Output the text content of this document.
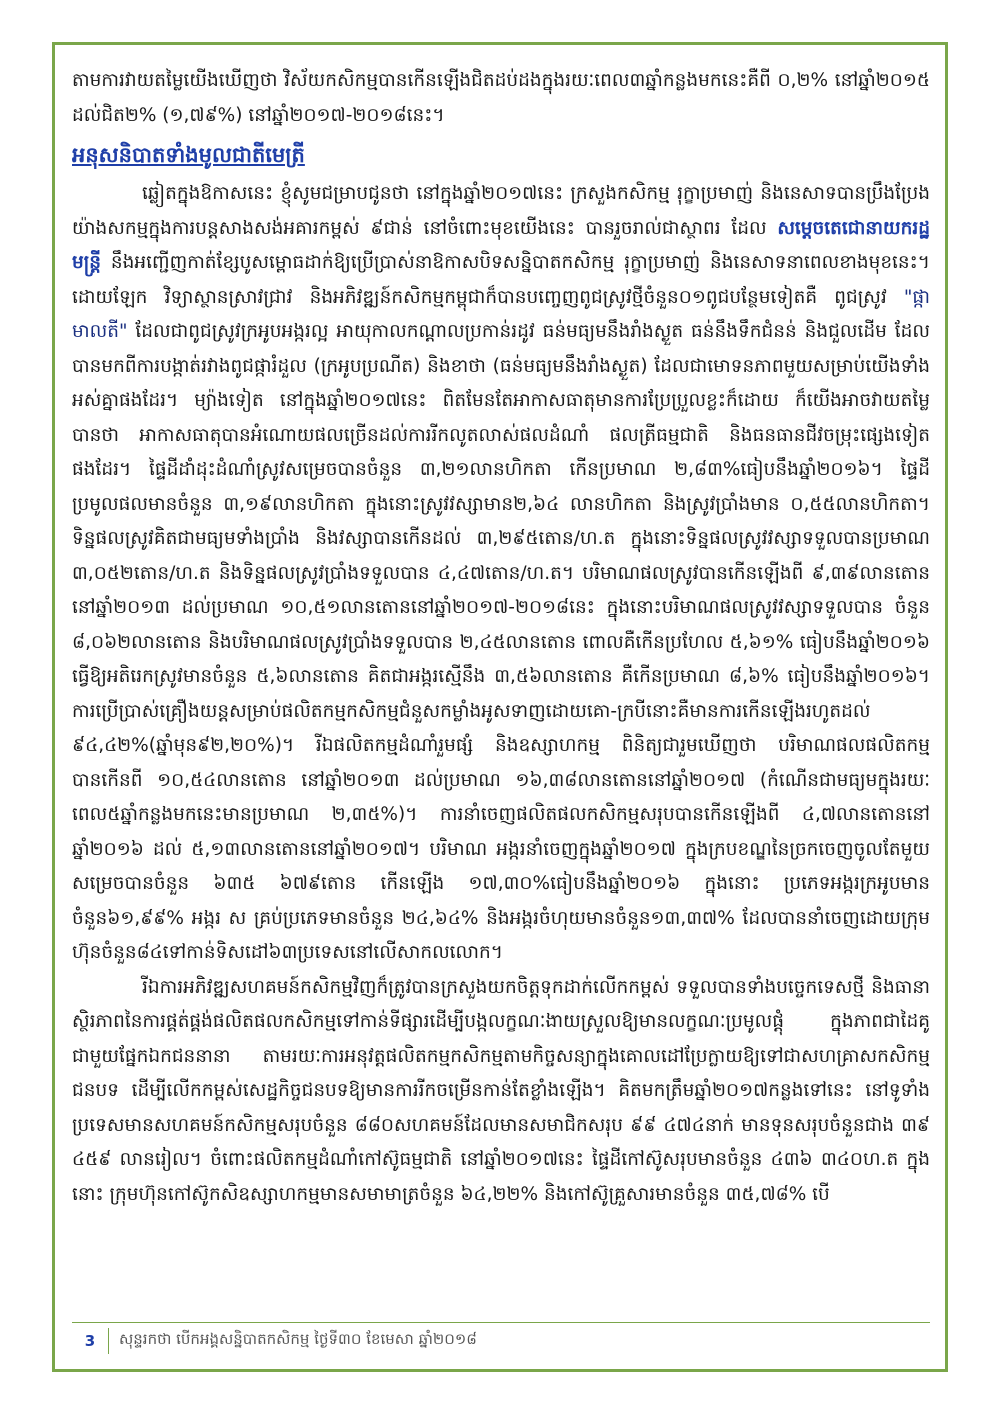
តាមការវាយតម្លៃយើងឃើញថា វិស័យកសិកម្មបានកើនឡើងជិតដប់ដងក្នុងរយៈពេល៣ឆ្នាំកន្លងមកនេះគឺពី ០,២% នៅឆ្នាំ២០១៥ ដល់ជិត២% (១,៧៩%) នៅឆ្នាំ២០១៧-២០១៨នេះ។

អនុសនិបាតទាំងមូលជាតីមេត្រី

ឆ្លៀតក្នុងឱកាសនេះ ខ្ញុំសូមជម្រាបជូនថា នៅក្នុងឆ្នាំ២០១៧នេះ ក្រសួងកសិកម្ម រុក្ខាប្រមាញ់ និងនេសាទបានប្រឹងប្រែងយ៉ាងសកម្មក្នុងការបន្តសាងសង់អគារកម្ពស់ ៩ជាន់ នៅចំពោះមុខយើងនេះ បានរួចរាល់ជាស្ថាពរ ដែល សម្តេចតេជោនាយករដ្ឋមន្ត្រី នឹងអញ្ជើញកាត់ខ្សែបូសម្ពោធដាក់ឱ្យប្រើប្រាស់នាឱកាសបិទសន្និបាតកសិកម្ម រុក្ខាប្រមាញ់ និងនេសាទនាពេលខាងមុខនេះ។ ដោយឡែក វិទ្យាស្ថានស្រាវជ្រាវ និងអភិវឌ្ឍន៍កសិកម្មកម្ពុជាក៏បានបញ្ចេញពូជស្រូវថ្មីចំនួន០១ពូជបន្ថែមទៀតគឺ ពូជស្រូវ "ផ្កាមាលតី" ដែលជាពូជស្រូវក្រអូបអង្ករល្អ អាយុកាលកណ្ដាលប្រកាន់រដូវ ធន់មធ្យមនឹងរាំងស្ងួត ធន់នឹងទឹកជំនន់ និងជួលដើម ដែលបានមកពីការបង្កាត់រវាងពូជផ្ការំដួល (ក្រអូបប្រណីត) និងខាថា (ធន់មធ្យមនឹងរាំងស្ងួត) ដែលជាមោទនភាពមួយសម្រាប់យើងទាំងអស់គ្នាផងដែរ។ ម្យ៉ាងទៀត នៅក្នុងឆ្នាំ២០១៧នេះ ពិតមែនតែអាកាសធាតុមានការប្រែប្រួលខ្លះក៏ដោយ ក៏យើងអាចវាយតម្លៃ បានថា អាកាសធាតុបានអំណោយផលច្រើនដល់ការរីកលូតលាស់ផលដំណាំ ផលត្រីធម្មជាតិ និងធនធានជីវចម្រុះផ្សេងទៀតផងដែរ។ ផ្ទៃដីដាំដុះដំណាំស្រូវសម្រេចបានចំនួន ៣,២១លានហិកតា កើនប្រមាណ ២,៨៣%ធៀបនឹងឆ្នាំ២០១៦។ ផ្ទៃដីប្រមូលផលមានចំនួន ៣,១៩លានហិកតា ក្នុងនោះស្រូវវស្សាមាន២,៦៤ លានហិកតា និងស្រូវប្រាំងមាន ០,៥៥លានហិកតា។ ទិន្នផលស្រូវគិតជាមធ្យមទាំងប្រាំង និងវស្សាបានកើនដល់ ៣,២៩៥តោន/ហ.ត ក្នុងនោះទិន្នផលស្រូវវស្សាទទួលបានប្រមាណ ៣,០៥២តោន/ហ.ត និងទិន្នផលស្រូវប្រាំងទទួលបាន ៤,៤៧តោន/ហ.ត។ បរិមាណផលស្រូវបានកើនឡើងពី ៩,៣៩លានតោន នៅឆ្នាំ២០១៣ ដល់ប្រមាណ ១០,៥១លានតោននៅឆ្នាំ២០១៧-២០១៨នេះ ក្នុងនោះបរិមាណផលស្រូវវស្សាទទួលបាន ចំនួន ៨,០៦២លានតោន និងបរិមាណផលស្រូវប្រាំងទទួលបាន ២,៤៥លានតោន ពោលគឺកើនប្រហែល ៥,៦១% ធៀបនឹងឆ្នាំ២០១៦ ធ្វើឱ្យអតិរេកស្រូវមានចំនួន ៥,៦លានតោន គិតជាអង្ករស្មើនឹង ៣,៥៦លានតោន គឺកើនប្រមាណ ៨,៦% ធៀបនឹងឆ្នាំ២០១៦។ ការប្រើប្រាស់គ្រឿងយន្តសម្រាប់ផលិតកម្មកសិកម្មជំនួសកម្លាំងអូសទាញដោយគោ-ក្របីនោះគឺមានការកើនឡើងរហូតដល់ ៩៤,៤២%(ឆ្នាំមុន៩២,២០%)។ រីឯផលិតកម្មដំណាំរួមផ្សំ និងឧស្សាហកម្ម ពិនិត្យជារួមឃើញថា បរិមាណផលផលិតកម្មបានកើនពី ១០,៥៤លានតោន នៅឆ្នាំ២០១៣ ដល់ប្រមាណ ១៦,៣៨លានតោននៅឆ្នាំ២០១៧ (កំណើនជាមធ្យមក្នុងរយៈពេល៥ឆ្នាំកន្លងមកនេះមានប្រមាណ ២,៣៥%)។ ការនាំចេញផលិតផលកសិកម្មសរុបបានកើនឡើងពី ៤,៧លានតោននៅឆ្នាំ២០១៦ ដល់ ៥,១៣លានតោននៅឆ្នាំ២០១៧។ បរិមាណ អង្ករនាំចេញក្នុងឆ្នាំ២០១៧ ក្នុងក្របខណ្ឌនៃច្រកចេញចូលតែមួយសម្រេចបានចំនួន ៦៣៥ ៦៧៩តោន កើនឡើង ១៧,៣០%ធៀបនឹងឆ្នាំ២០១៦ ក្នុងនោះ ប្រភេទអង្ករក្រអូបមានចំនួន៦១,៩៩% អង្ករ ស គ្រប់ប្រភេទមានចំនួន ២៤,៦៤% និងអង្ករចំហុយមានចំនួន១៣,៣៧% ដែលបាននាំចេញដោយក្រុមហ៊ុនចំនួន៨៤ទៅកាន់ទិសដៅ៦៣ប្រទេសនៅលើសាកលលោក។

រីឯការអភិវឌ្ឍសហគមន៍កសិកម្មវិញក៏ត្រូវបានក្រសួងយកចិត្តទុកដាក់លើកកម្ពស់ ទទួលបានទាំងបច្ចេកទេសថ្មី និងធានាស្ថិរភាពនៃការផ្គត់ផ្គង់ផលិតផលកសិកម្មទៅកាន់ទីផ្សារដើម្បីបង្កលក្ខណៈងាយស្រួលឱ្យមានលក្ខណៈប្រមូលផ្តុំ ក្នុងភាពជាដៃគូជាមួយផ្នែកឯកជននានា តាមរយៈការអនុវត្តផលិតកម្មកសិកម្មតាមកិច្ចសន្យាក្នុងគោលដៅប្រែក្លាយឱ្យទៅជាសហគ្រាសកសិកម្មជនបទ ដើម្បីលើកកម្ពស់សេដ្ឋកិច្ចជនបទឱ្យមានការរីកចម្រើនកាន់តែខ្លាំងឡើង។ គិតមកត្រឹមឆ្នាំ២០១៧កន្លងទៅនេះ នៅទូទាំងប្រទេសមានសហគមន៍កសិកម្មសរុបចំនួន ៨៨០សហគមន៍ដែលមានសមាជិកសរុប ៩៩ ៤៧៤នាក់ មានទុនសរុបចំនួនជាង ៣៩ ៤៥៩ លានរៀល។ ចំពោះផលិតកម្មដំណាំកៅស៊ូធម្មជាតិ នៅឆ្នាំ២០១៧នេះ ផ្ទៃដីកៅស៊ូសរុបមានចំនួន ៤៣៦ ៣៤០ហ.ត ក្នុងនោះ ក្រុមហ៊ុនកៅស៊ូកសិឧស្សាហកម្មមានសមាមាត្រចំនួន ៦៤,២២% និងកៅស៊ូគ្រួសារមានចំនួន ៣៥,៧៨% បើ

3	សុន្ទរកថា បើកអង្គសន្និបាតកសិកម្ម ថ្ងៃទី៣០ ខែមេសា ឆ្នាំ២០១៨
